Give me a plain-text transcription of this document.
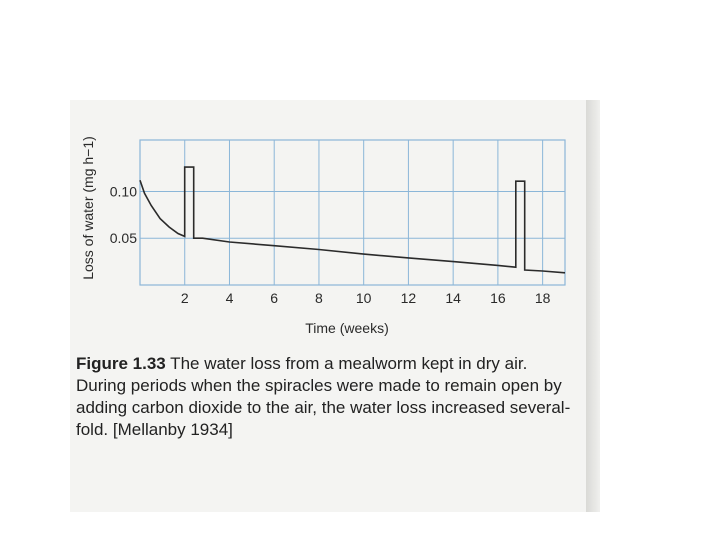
0.10
0.05
2	4	6	8 10 12 14 16 18
Loss of water (mg h−1)
Time (weeks)
Figure 1.33 The water loss from a mealworm kept in dry air. During periods when the spiracles were made to remain open by adding carbon dioxide to the air, the water loss increased several-fold. [Mellanby 1934]
